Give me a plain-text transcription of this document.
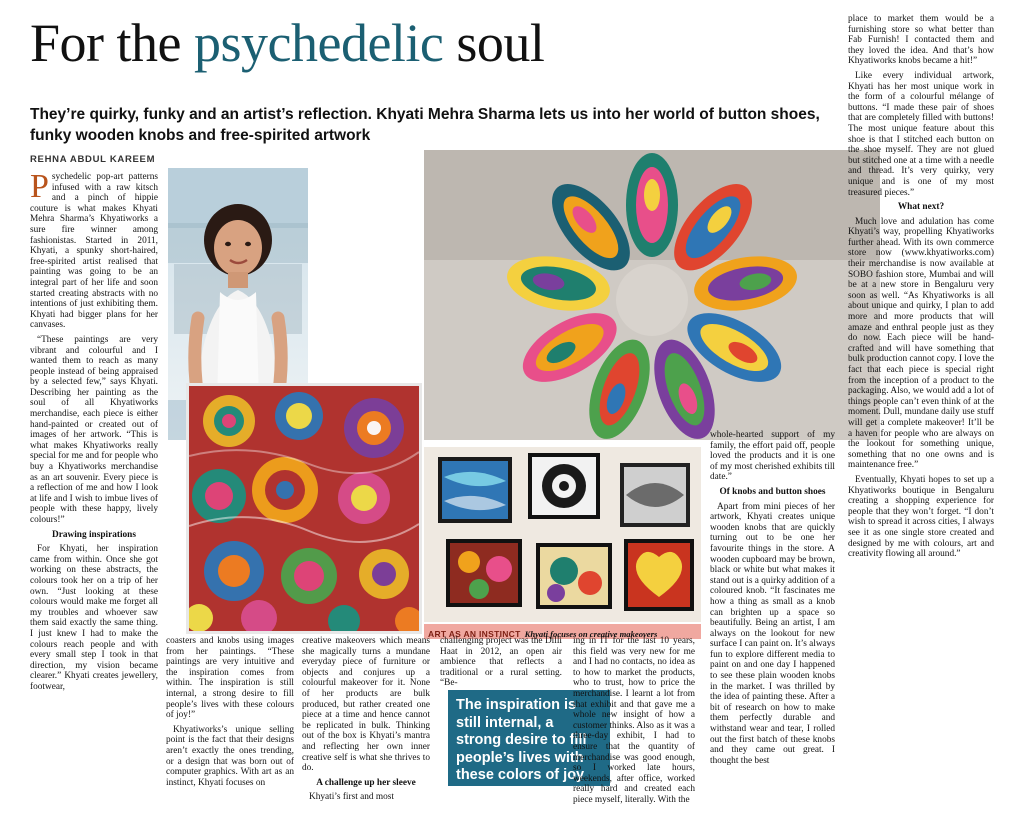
For the psychedelic soul
They’re quirky, funky and an artist’s reflection. Khyati Mehra Sharma lets us into her world of button shoes, funky wooden knobs and free-spirited artwork
REHNA ABDUL KAREEM
ART AS AN INSTINCT Khyati focuses on creative makeovers
The inspiration is still internal, a strong desire to fill people’s lives with these colors of joy

Psychedelic pop-art patterns infused with a raw kitsch and a pinch of hippie couture is what makes Khyati Mehra Sharma’s Khyatiworks a sure fire winner among fashionistas. Started in 2011, Khyati, a spunky short-haired, free-spirited artist realised that painting was going to be an integral part of her life and soon started creating abstracts with no intentions of just exhibiting them. Khyati had bigger plans for her canvases.

“These paintings are very vibrant and colourful and I wanted them to reach as many people instead of being appraised by a selected few,” says Khyati. Describing her painting as the soul of all Khyatiworks merchandise, each piece is either hand-painted or created out of images of her artwork. “This is what makes Khyatiworks really special for me and for people who buy a Khyatiworks merchandise as an art souvenir. Every piece is a reflection of me and how I look at life and I wish to imbue lives of people with these happy, lively colours!”

Drawing inspirations

For Khyati, her inspiration came from within. Once she got working on these abstracts, the colours took her on a trip of her own. “Just looking at these colours would make me forget all my troubles and whoever saw them said exactly the same thing. I just knew I had to make the colours reach people and with every small step I took in that direction, my vision became clearer.” Khyati creates jewellery, footwear,

coasters and knobs using images from her paintings. “These paintings are very intuitive and the inspiration comes from within. The inspiration is still internal, a strong desire to fill people’s lives with these colours of joy!”

Khyatiworks’s unique selling point is the fact that their designs aren’t exactly the ones trending, or a design that was born out of computer graphics. With art as an instinct, Khyati focuses on

creative makeovers which means she magically turns a mundane everyday piece of furniture or objects and conjures up a colourful makeover for it. None of her products are bulk produced, but rather created one piece at a time and hence cannot be replicated in bulk. Thinking out of the box is Khyati’s mantra and reflecting her own inner creative self is what she thrives to do.

A challenge up her sleeve

Khyati’s first and most

challenging project was the Dilli Haat in 2012, an open air ambience that reflects a traditional or a rural setting. “Be-

ing in IT for the last 10 years, this field was very new for me and I had no contacts, no idea as to how to market the products, who to trust, how to price the merchandise. I learnt a lot from that exhibit and that gave me a whole new insight of how a customer thinks. Also as it was a three-day exhibit, I had to ensure that the quantity of merchandise was good enough, so I worked late hours, weekends, after office, worked really hard and created each piece myself, literally. With the

whole-hearted support of my family, the effort paid off, people loved the products and it is one of my most cherished exhibits till date.”

Of knobs and button shoes

Apart from mini pieces of her artwork, Khyati creates unique wooden knobs that are quickly turning out to be one her favourite things in the store. A wooden cupboard may be brown, black or white but what makes it stand out is a quirky addition of a coloured knob. “It fascinates me how a thing as small as a knob can brighten up a space so beautifully. Being an artist, I am always on the lookout for new surface I can paint on. It’s always fun to explore different media to paint on and one day I happened to see these plain wooden knobs in the market. I was thrilled by the idea of painting these. After a bit of research on how to make them perfectly durable and withstand wear and tear, I rolled out the first batch of these knobs and they came out great. I thought the best

place to market them would be a furnishing store so what better than Fab Furnish! I contacted them and they loved the idea. And that’s how Khyatiworks knobs became a hit!”

Like every individual artwork, Khyati has her most unique work in the form of a colourful mélange of buttons. “I made these pair of shoes that are completely filled with buttons! The most unique feature about this shoe is that I stitched each button on the shoe myself. They are not glued but stitched one at a time with a needle and thread. It’s very quirky, very unique and is one of my most treasured pieces.”

What next?

Much love and adulation has come Khyati’s way, propelling Khyatiworks further ahead. With its own commerce store now (www.khyatiworks.com) their merchandise is now available at SOBO fashion store, Mumbai and will be at a new store in Bengaluru very soon as well. “As Khyatiworks is all about unique and quirky, I plan to add more and more products that will amaze and enthral people just as they do now. Each piece will be hand-crafted and will have something that bulk production cannot copy. I love the fact that each piece is special right from the inception of a product to the packaging. Also, we would add a lot of things people can’t even think of at the moment. Dull, mundane daily use stuff will get a complete makeover! It’ll be a haven for people who are always on the lookout for something unique, something that no one owns and is maintenance free.”

Eventually, Khyati hopes to set up a Khyatiworks boutique in Bengaluru creating a shopping experience for people that they won’t forget. “I don’t wish to spread it across cities, I always see it as one single store created and designed by me with colours, art and creativity flowing all around.”
